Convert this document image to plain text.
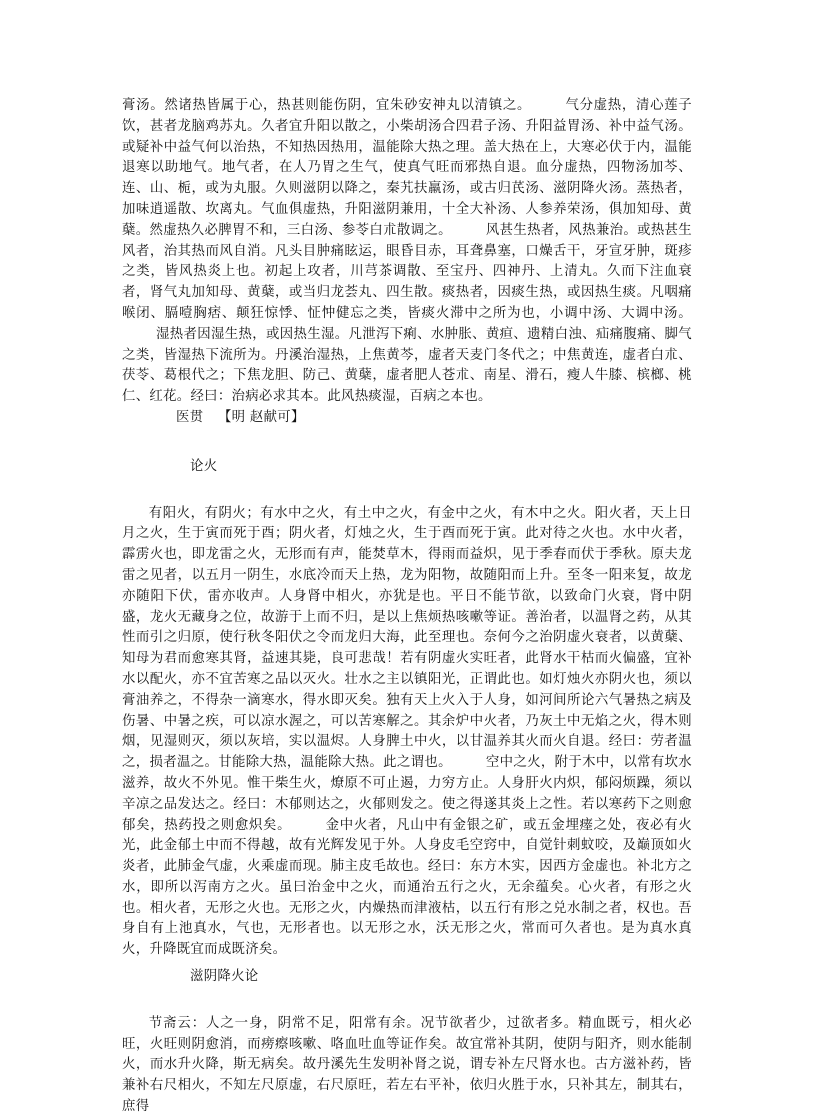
膏汤。然诸热皆属于心，热甚则能伤阴，宜朱砂安神丸以清镇之。	气分虚热，清心莲子饮，甚者龙脑鸡苏丸。久者宜升阳以散之，小柴胡汤合四君子汤、升阳益胃汤、补中益气汤。或疑补中益气何以治热，不知热因热用，温能除大热之理。盖大热在上，大寒必伏于内，温能退寒以助地气。地气者，在人乃胃之生气，使真气旺而邪热自退。血分虚热，四物汤加芩、连、山、栀，或为丸服。久则滋阴以降之，秦艽扶羸汤，或古归芪汤、滋阴降火汤。蒸热者，加味逍遥散、坎离丸。气血俱虚热，升阳滋阴兼用，十全大补汤、人参养荣汤，俱加知母、黄蘖。然虚热久必脾胃不和，三白汤、参苓白朮散调之。	风甚生热者，风热兼治。或热甚生风者，治其热而风自消。凡头目肿痛眩运，眼昏目赤，耳聋鼻塞，口燥舌干，牙宣牙肿，斑疹之类，皆风热炎上也。初起上攻者，川芎茶调散、至宝丹、四神丹、上清丸。久而下注血衰者，肾气丸加知母、黄蘖，或当归龙荟丸、四生散。痰热者，因痰生热，或因热生痰。凡咽痛喉闭、膈噎胸痞、颠狂惊悸、怔忡健忘之类，皆痰火滞中之所为也，小调中汤、大调中汤。湿热者因湿生热，或因热生湿。凡泄泻下痢、水肿胀、黄疸、遗精白浊、疝痛腹痛、脚气之类，皆湿热下流所为。丹溪治湿热，上焦黄芩，虚者天麦门冬代之；中焦黄连，虚者白朮、茯苓、葛根代之；下焦龙胆、防己、黄蘖，虚者肥人苍朮、南星、滑石，瘦人牛膝、槟榔、桃仁、红花。经曰：治病必求其本。此风热痰湿，百病之本也。

医贯 【明 赵献可】

论火

有阳火，有阴火；有水中之火，有土中之火，有金中之火，有木中之火。阳火者，天上日月之火，生于寅而死于酉；阴火者，灯烛之火，生于酉而死于寅。此对待之火也。水中火者，霹雳火也，即龙雷之火，无形而有声，能焚草木，得雨而益炽，见于季春而伏于季秋。原夫龙雷之见者，以五月一阴生，水底冷而天上热，龙为阳物，故随阳而上升。至冬一阳来复，故龙亦随阳下伏，雷亦收声。人身肾中相火，亦犹是也。平日不能节欲，以致命门火衰，肾中阴盛，龙火无藏身之位，故游于上而不归，是以上焦烦热咳嗽等证。善治者，以温肾之药，从其性而引之归原，使行秋冬阳伏之令而龙归大海，此至理也。奈何今之治阴虚火衰者，以黄蘖、知母为君而愈寒其肾，益速其毙，良可悲哉！若有阴虚火实旺者，此肾水干枯而火偏盛，宜补水以配火，亦不宜苦寒之品以灭火。壮水之主以镇阳光，正谓此也。如灯烛火亦阴火也，须以膏油养之，不得杂一滴寒水，得水即灭矣。独有天上火入于人身，如河间所论六气暑热之病及伤暑、中暑之疾，可以凉水渥之，可以苦寒解之。其余炉中火者，乃灰土中无焰之火，得木则烟，见湿则灭，须以灰培，实以温烬。人身脾土中火，以甘温养其火而火自退。经曰：劳者温之，损者温之。甘能除大热，温能除大热。此之谓也。	空中之火，附于木中，以常有坎水滋养，故火不外见。惟干柴生火，燎原不可止遏，力穷方止。人身肝火内炽，郁闷烦躁，须以辛凉之品发达之。经曰：木郁则达之，火郁则发之。使之得遂其炎上之性。若以寒药下之则愈郁矣，热药投之则愈炽矣。	金中火者，凡山中有金银之矿，或五金埋瘗之处，夜必有火光，此金郁土中而不得越，故有光辉发见于外。人身皮毛空窍中，自觉针刺蚊咬，及巅顶如火炎者，此肺金气虚，火乘虚而现。肺主皮毛故也。经曰：东方木实，因西方金虚也。补北方之水，即所以泻南方之火。虽曰治金中之火，而通治五行之火，无余蕴矣。心火者，有形之火也。相火者，无形之火也。无形之火，内燥热而津液枯，以五行有形之兑水制之者，权也。吾身自有上池真水，气也，无形者也。以无形之水，沃无形之火，常而可久者也。是为真水真火，升降既宜而成既济矣。

滋阴降火论

节斋云：人之一身，阴常不足，阳常有余。况节欲者少，过欲者多。精血既亏，相火必旺，火旺则阴愈消，而痨瘵咳嗽、咯血吐血等证作矣。故宜常补其阴，使阴与阳齐，则水能制火，而水升火降，斯无病矣。故丹溪先生发明补肾之说，谓专补左尺肾水也。古方滋补药，皆兼补右尺相火，不知左尺原虚，右尺原旺，若左右平补，依归火胜于水，只补其左，制其右，庶得
